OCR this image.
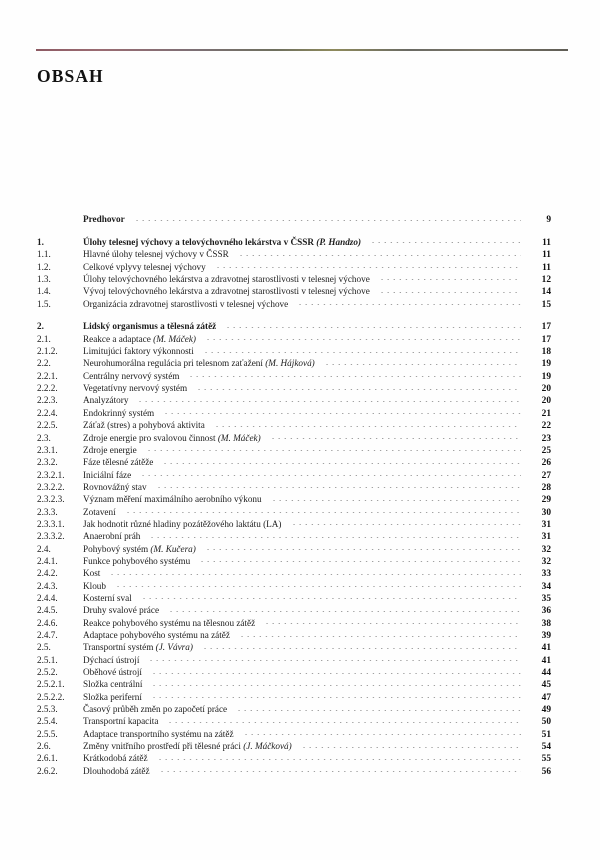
OBSAH
Predhovor	9
1.	Úlohy telesnej výchovy a telovýchovného lekárstva v ČSSR (P. Handzo)	11
1.1.	Hlavné úlohy telesnej výchovy v ČSSR	11
1.2.	Celkové vplyvy telesnej výchovy	11
1.3.	Úlohy telovýchovného lekárstva a zdravotnej starostlivosti v telesnej výchove	12
1.4.	Vývoj telovýchovného lekárstva a zdravotnej starostlivosti v telesnej výchove	14
1.5.	Organizácia zdravotnej starostlivosti v telesnej výchove	15
2.	Lidský organismus a tělesná zátěž	17
2.1.	Reakce a adaptace (M. Máček)	17
2.1.2.	Limitujúci faktory výkonnosti	18
2.2.	Neurohumorálna regulácia pri telesnom zaťažení (M. Hájková)	19
2.2.1.	Centrálny nervový systém	19
2.2.2.	Vegetatívny nervový systém	20
2.2.3.	Analyzátory	20
2.2.4.	Endokrinný systém	21
2.2.5.	Záťaž (stres) a pohybová aktivita	22
2.3.	Zdroje energie pro svalovou činnost (M. Máček)	23
2.3.1.	Zdroje energie	25
2.3.2.	Fáze tělesné zátěže	26
2.3.2.1.	Iniciální fáze	27
2.3.2.2.	Rovnovážný stav	28
2.3.2.3.	Význam měření maximálního aerobního výkonu	29
2.3.3.	Zotavení	30
2.3.3.1.	Jak hodnotit různé hladiny pozátěžového laktátu (LA)	31
2.3.3.2.	Anaerobní práh	31
2.4.	Pohybový systém (M. Kučera)	32
2.4.1.	Funkce pohybového systému	32
2.4.2.	Kost	33
2.4.3.	Kloub	34
2.4.4.	Kosterní sval	35
2.4.5.	Druhy svalové práce	36
2.4.6.	Reakce pohybového systému na tělesnou zátěž	38
2.4.7.	Adaptace pohybového systému na zátěž	39
2.5.	Transportní systém (J. Vávra)	41
2.5.1.	Dýchací ústrojí	41
2.5.2.	Oběhové ústrojí	44
2.5.2.1.	Složka centrální	45
2.5.2.2.	Složka periferní	47
2.5.3.	Časový průběh změn po započetí práce	49
2.5.4.	Transportní kapacita	50
2.5.5.	Adaptace transportního systému na zátěž	51
2.6.	Změny vnitřního prostředí při tělesné práci (J. Máčková)	54
2.6.1.	Krátkodobá zátěž	55
2.6.2.	Dlouhodobá zátěž	56
